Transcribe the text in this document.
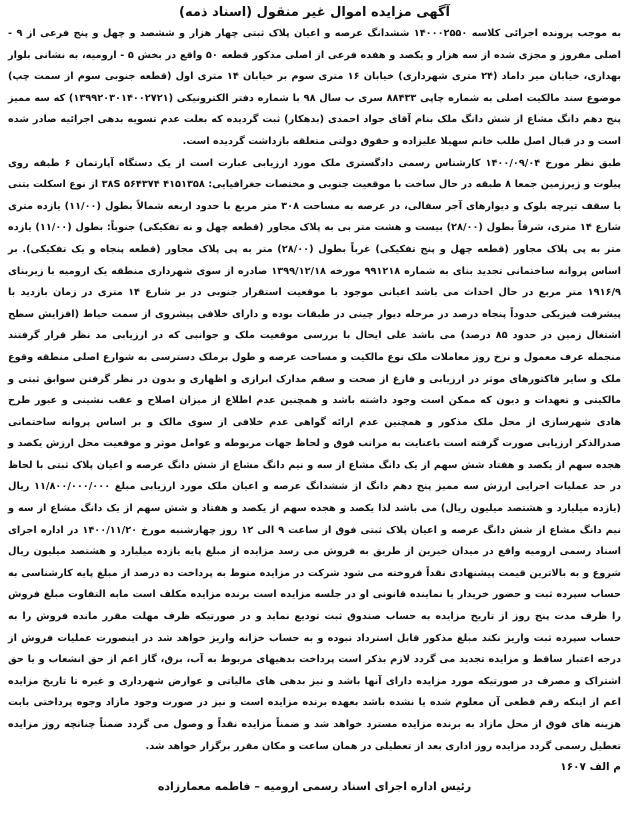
آگهی مزایده اموال غیر منقول (اسناد ذمه)

به موجب پرونده اجرائی کلاسه ۱۴۰۰۰۲۵۵۰ ششدانگ عرصه و اعیان پلاک ثبتی چهار هزار و ششصد و چهل و پنج فرعی از ۹ - اصلی مفروز و مجزی شده از سه هزار و یکصد و هفده فرعی از اصلی مذکور قطعه ۵۰ واقع در بخش ۵ - ارومیه، به نشانی بلوار بهداری، خیابان میر داماد (۲۴ متری شهرداری) خیابان ۱۶ متری سوم بر خیابان ۱۴ متری اول (قطعه جنوبی سوم از سمت چپ) موضوع سند مالکیت اصلی به شماره چاپی ۸۸۴۳۳ سری ب سال ۹۸ با شماره دفتر الکترونیکی (۱۳۹۹۲۰۳۰۱۴۰۰۲۷۲۱) که سه ممیز پنج دهم دانگ مشاع از شش دانگ ملک بنام آقای جواد احمدی (بدهکار) ثبت گردیده که بعلت عدم تسویه بدهی اجرائیه صادر شده است و در قبال اصل طلب خانم سهیلا علیزاده و حقوق دولتی متعلقه بازداشت گردیده است.

طبق نظر مورخ ۱۴۰۰/۰۹/۰۴ کارشناس رسمی دادگستری ملک مورد ارزیابی عبارت است از یک دستگاه آپارتمان ۶ طبقه روی پیلوت و زیرزمین جمعا ۸ طبقه در حال ساخت با موقعیت جنوبی و مختصات جغرافیایی: ۳۸S ۵۶۴۳۷۴ ۴۱۵۱۳۵۸ از نوع اسکلت بتنی با سقف تیرچه بلوک و دیوارهای آجر سفالی، در عرصه به مساحت ۳۰۸ متر مربع با حدود اربعه شمالاً بطول (۱۱/۰۰) یازده متری شارع ۱۴ متری، شرقاً بطول (۲۸/۰۰) بیست و هشت متر بی به پلاک مجاور (قطعه چهل و نه تفکیکی) جنوباً: بطول (۱۱/۰۰) یازده متر به پی پلاک مجاور (قطعه چهل و پنج تفکیکی) غرباً بطول (۲۸/۰۰) متر به پی پلاک مجاور (قطعه پنجاه و یک تفکیکی). بر اساس پروانه ساختمانی تجدید بنای به شماره ۹۹۱۲۱۸ مورخه ۱۳۹۹/۱۲/۱۸ صادره از سوی شهرداری منطقه یک ارومیه با زیربنای ۱۹۱۶/۹ متر مربع در حال احداث می باشد اعیانی موجود با موقعیت استقرار جنوبی در بر شارع ۱۴ متری در زمان بازدید با پیشرفت فیزیکی حدوداً پنجاه درصد در مرحله دیوار چینی در طبقات بوده و دارای خلافی پیشروی از سمت حیاط (افزایش سطح اشتغال زمین در حدود ۸۵ درصد) می باشد علی ایحال با بررسی موقعیت ملک و جوانبی که در ارزیابی مد نظر قرار گرفتند منجمله عرف معمول و نرخ روز معاملات ملک نوع مالکیت و مساحت عرصه و طول برملک دسترسی به شوارع اصلی منطقه وقوع ملک و سایر فاکتورهای موثر در ارزیابی و فارغ از صحت و سقم مدارک ابرازی و اظهاری و بدون در نظر گرفتن سوابق ثبتی و مالکیتی و تعهدات و دیون که ممکن است وجود داشته باشد و همچنین عدم اطلاع از میزان اصلاح و عقب نشینی و عبور طرح هادی شهرسازی از محل ملک مذکور و همچنین عدم ارائه گواهی عدم خلافی از سوی مالک و بر اساس پروانه ساختمانی صدرالذکر ارزیابی صورت گرفته است باعنایت به مراتب فوق و لحاظ جهات مربوطه و عوامل موثر و موقعیت محل ارزش یکصد و هجده سهم از یکصد و هفتاد شش سهم از یک دانگ مشاع از سه و نیم دانگ مشاع از شش دانگ عرصه و اعیان پلاک ثبتی با لحاظ در حد عملیات اجرایی ارزش سه ممیز پنج دهم دانگ از ششدانگ عرصه و اعیان ملک مورد ارزیابی مبلغ ۱۱/۸۰۰/۰۰۰/۰۰۰ ریال (یازده میلیارد و هشتصد میلیون ریال) می باشد لذا یکصد و هجده سهم از یکصد و هفتاد و شش سهم از یک دانگ مشاع از سه و نیم دانگ مشاع از شش دانگ عرصه و اعیان پلاک ثبتی فوق از ساعت ۹ الی ۱۲ روز چهارشنبه مورخ ۱۴۰۰/۱۱/۲۰ در اداره اجرای اسناد رسمی ارومیه واقع در میدان خیرین از طریق به فروش می رسد مزایده از مبلغ پایه یازده میلیارد و هشتصد میلیون ریال شروع و به بالاترین قیمت پیشنهادی نقداً فروخته می شود شرکت در مزایده منوط به پرداخت ده درصد از مبلغ پایه کارشناسی به حساب سپرده ثبت و حضور خریدار یا نماینده قانونی او در جلسه مزایده است برنده مزایده مکلف است مابه التفاوت مبلغ فروش را ظرف مدت پنج روز از تاریخ مزایده به حساب صندوق ثبت تودیع نماید و در صورتیکه ظرف مهلت مقرر مانده فروش را به حساب سپرده ثبت واریز نکند مبلغ مذکور قابل استرداد نبوده و به حساب خزانه واریز خواهد شد در اینصورت عملیات فروش از درجه اعتبار ساقط و مزایده تجدید می گردد لازم بذکر است پرداخت بدهیهای مربوط به آب، برق، گاز اعم از حق انشعاب و یا حق اشتراک و مصرف در صورتیکه مورد مزایده دارای آنها باشد و نیز بدهی های مالیاتی و عوارض شهرداری و غیره تا تاریخ مزایده اعم از اینکه رقم قطعی آن معلوم شده یا نشده باشد بعهده برنده مزایده است و نیز در صورت وجود مازاد وجوه پرداختی بابت هزینه های فوق از محل مازاد به برنده مزایده مسترد خواهد شد و ضمناً مزایده نقداً و وصول می گردد ضمناً چنانچه روز مزایده تعطیل رسمی گردد مزایده روز اداری بعد از تعطیلی در همان ساعت و مکان مقرر برگزار خواهد شد.

م الف ۱۶۰۷

رئیس اداره اجرای اسناد رسمی ارومیه – فاطمه معمارزاده
